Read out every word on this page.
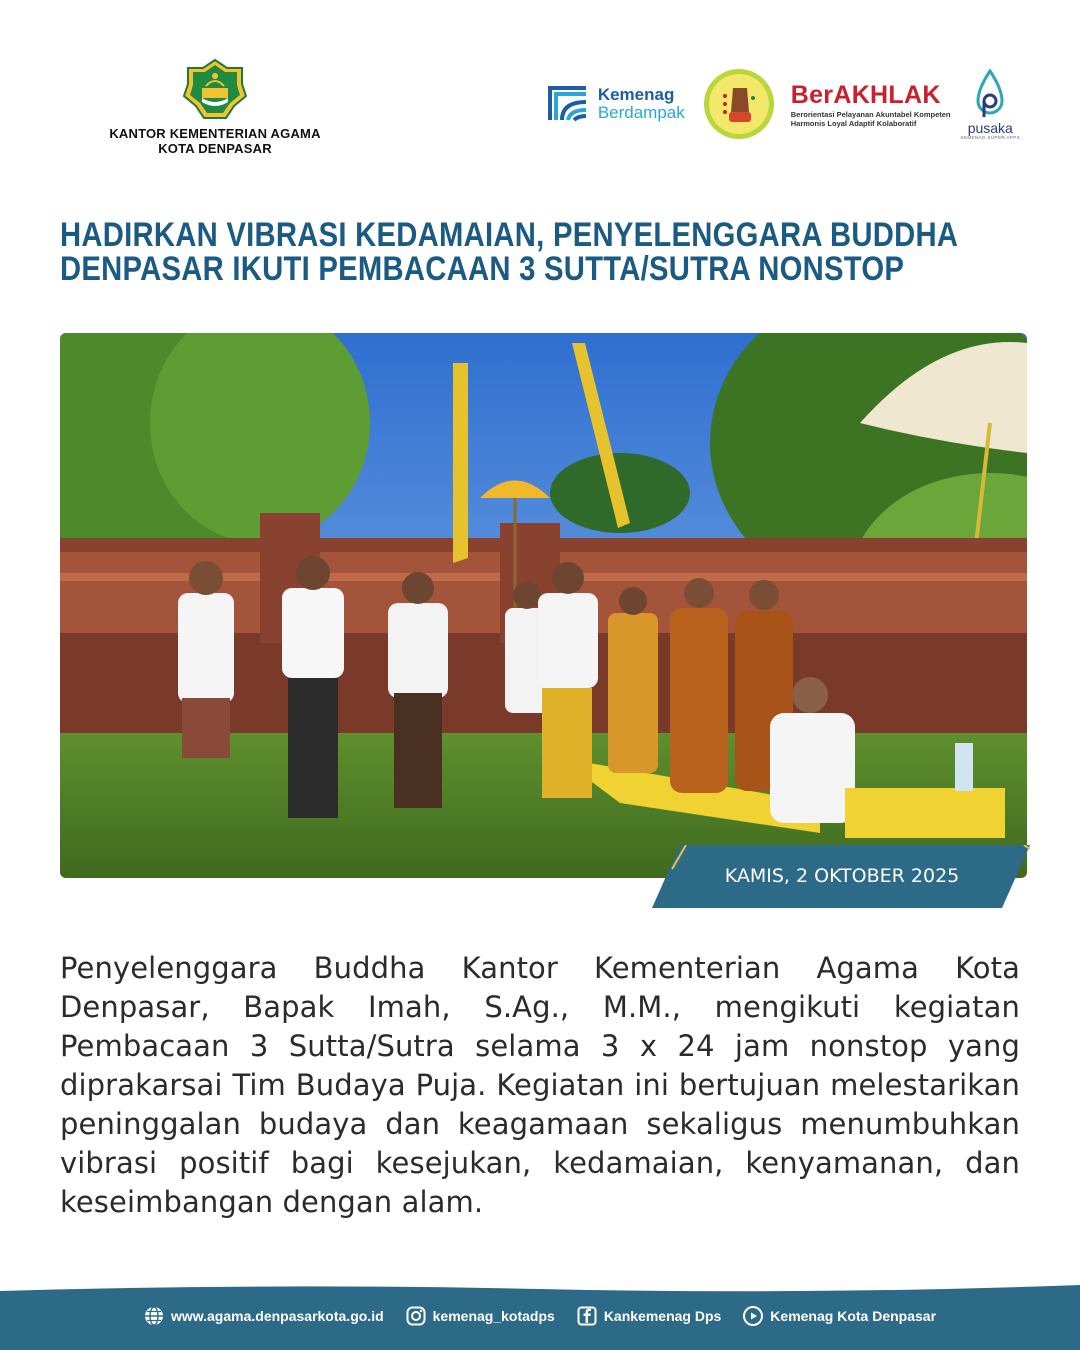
KANTOR KEMENTERIAN AGAMA
KOTA DENPASAR
Kemenag
Berdampak
BerAKHLAK
Berorientasi Pelayanan Akuntabel Kompeten
Harmonis Loyal Adaptif Kolaboratif	pusaka
KEMENAG SUPER APPS
HADIRKAN VIBRASI KEDAMAIAN, PENYELENGGARA BUDDHA
DENPASAR IKUTI PEMBACAAN 3 SUTTA/SUTRA NONSTOP
KAMIS, 2 OKTOBER 2025

Penyelenggara Buddha Kantor Kementerian Agama Kota Denpasar, Bapak Imah, S.Ag., M.M., mengikuti kegiatan Pembacaan 3 Sutta/Sutra selama 3 x 24 jam nonstop yang diprakarsai Tim Budaya Puja. Kegiatan ini bertujuan melestarikan peninggalan budaya dan keagamaan sekaligus menumbuhkan vibrasi positif bagi kesejukan, kedamaian, kenyamanan, dan keseimbangan dengan alam.

www.agama.denpasarkota.go.id	kemenag_kotadps	Kankemenag Dps	Kemenag Kota Denpasar
